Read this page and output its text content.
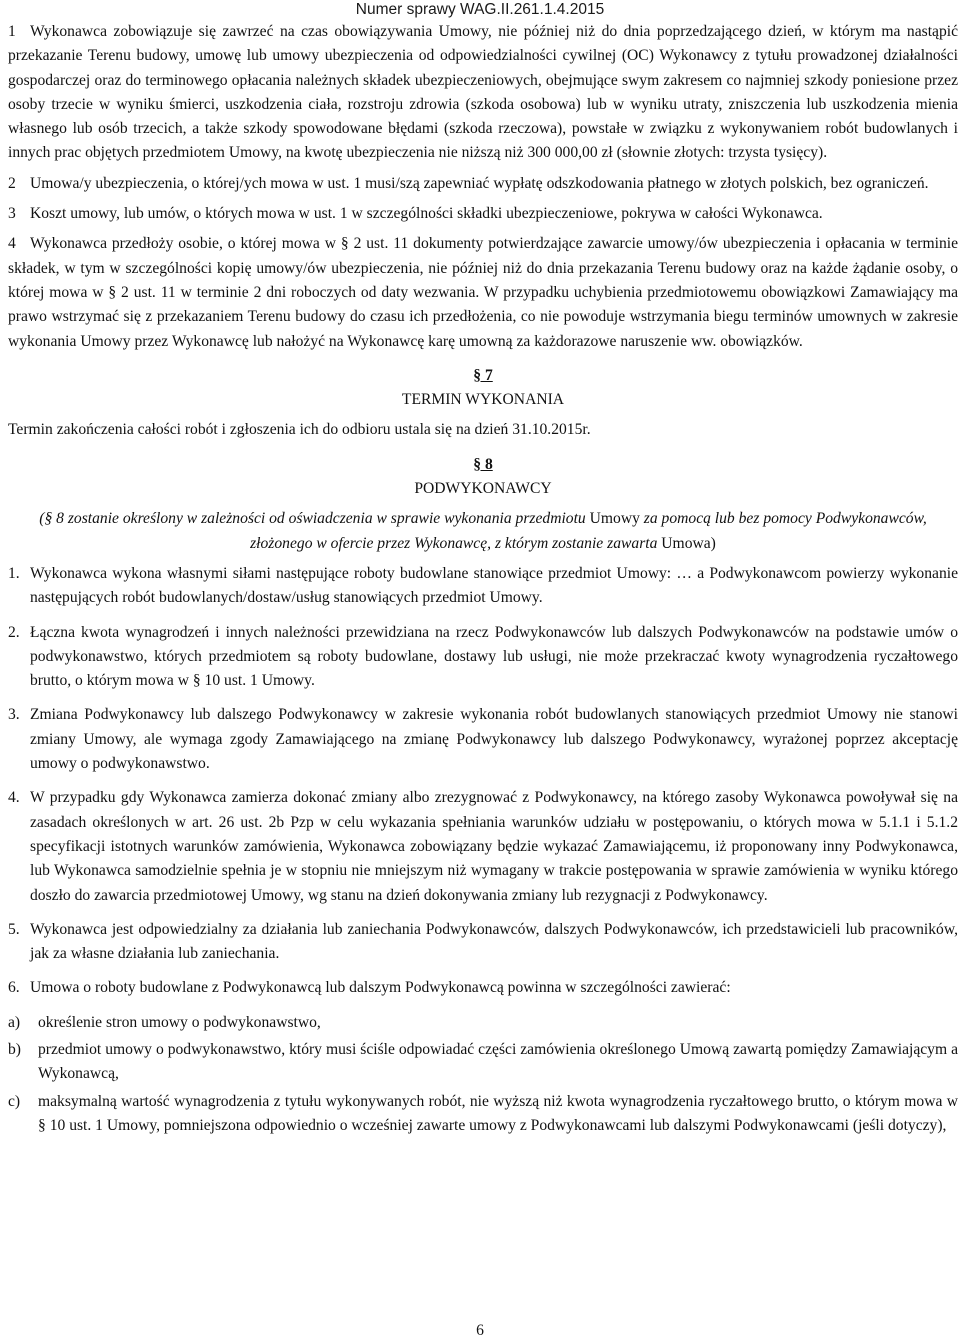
Numer sprawy WAG.II.261.1.4.2015

1 Wykonawca zobowiązuje się zawrzeć na czas obowiązywania Umowy, nie później niż do dnia poprzedzającego dzień, w którym ma nastąpić przekazanie Terenu budowy, umowę lub umowy ubezpieczenia od odpowiedzialności cywilnej (OC) Wykonawcy z tytułu prowadzonej działalności gospodarczej oraz do terminowego opłacania należnych składek ubezpieczeniowych, obejmujące swym zakresem co najmniej szkody poniesione przez osoby trzecie w wyniku śmierci, uszkodzenia ciała, rozstroju zdrowia (szkoda osobowa) lub w wyniku utraty, zniszczenia lub uszkodzenia mienia własnego lub osób trzecich, a także szkody spowodowane błędami (szkoda rzeczowa), powstałe w związku z wykonywaniem robót budowlanych i innych prac objętych przedmiotem Umowy, na kwotę ubezpieczenia nie niższą niż 300 000,00 zł (słownie złotych: trzysta tysięcy).

2 Umowa/y ubezpieczenia, o której/ych mowa w ust. 1 musi/szą zapewniać wypłatę odszkodowania płatnego w złotych polskich, bez ograniczeń.

3 Koszt umowy, lub umów, o których mowa w ust. 1 w szczególności składki ubezpieczeniowe, pokrywa w całości Wykonawca.

4 Wykonawca przedłoży osobie, o której mowa w § 2 ust. 11 dokumenty potwierdzające zawarcie umowy/ów ubezpieczenia i opłacania w terminie składek, w tym w szczególności kopię umowy/ów ubezpieczenia, nie później niż do dnia przekazania Terenu budowy oraz na każde żądanie osoby, o której mowa w § 2 ust. 11 w terminie 2 dni roboczych od daty wezwania. W przypadku uchybienia przedmiotowemu obowiązkowi Zamawiający ma prawo wstrzymać się z przekazaniem Terenu budowy do czasu ich przedłożenia, co nie powoduje wstrzymania biegu terminów umownych w zakresie wykonania Umowy przez Wykonawcę lub nałożyć na Wykonawcę karę umowną za każdorazowe naruszenie ww. obowiązków.

§ 7
TERMIN WYKONANIA

Termin zakończenia całości robót i zgłoszenia ich do odbioru ustala się na dzień 31.10.2015r.

§ 8
PODWYKONAWCY

(§ 8 zostanie określony w zależności od oświadczenia w sprawie wykonania przedmiotu Umowy za pomocą lub bez pomocy Podwykonawców, złożonego w ofercie przez Wykonawcę, z którym zostanie zawarta Umowa)

1. Wykonawca wykona własnymi siłami następujące roboty budowlane stanowiące przedmiot Umowy: … a Podwykonawcom powierzy wykonanie następujących robót budowlanych/dostaw/usług stanowiących przedmiot Umowy.
2. Łączna kwota wynagrodzeń i innych należności przewidziana na rzecz Podwykonawców lub dalszych Podwykonawców na podstawie umów o podwykonawstwo, których przedmiotem są roboty budowlane, dostawy lub usługi, nie może przekraczać kwoty wynagrodzenia ryczałtowego brutto, o którym mowa w § 10 ust. 1 Umowy.
3. Zmiana Podwykonawcy lub dalszego Podwykonawcy w zakresie wykonania robót budowlanych stanowiących przedmiot Umowy nie stanowi zmiany Umowy, ale wymaga zgody Zamawiającego na zmianę Podwykonawcy lub dalszego Podwykonawcy, wyrażonej poprzez akceptację umowy o podwykonawstwo.
4. W przypadku gdy Wykonawca zamierza dokonać zmiany albo zrezygnować z Podwykonawcy, na którego zasoby Wykonawca powoływał się na zasadach określonych w art. 26 ust. 2b Pzp w celu wykazania spełniania warunków udziału w postępowaniu, o których mowa w 5.1.1 i 5.1.2 specyfikacji istotnych warunków zamówienia, Wykonawca zobowiązany będzie wykazać Zamawiającemu, iż proponowany inny Podwykonawca, lub Wykonawca samodzielnie spełnia je w stopniu nie mniejszym niż wymagany w trakcie postępowania w sprawie zamówienia w wyniku którego doszło do zawarcia przedmiotowej Umowy, wg stanu na dzień dokonywania zmiany lub rezygnacji z Podwykonawcy.
5. Wykonawca jest odpowiedzialny za działania lub zaniechania Podwykonawców, dalszych Podwykonawców, ich przedstawicieli lub pracowników, jak za własne działania lub zaniechania.
6. Umowa o roboty budowlane z Podwykonawcą lub dalszym Podwykonawcą powinna w szczególności zawierać:
a)	określenie stron umowy o podwykonawstwo,
b)	przedmiot umowy o podwykonawstwo, który musi ściśle odpowiadać części zamówienia określonego Umową zawartą pomiędzy Zamawiającym a Wykonawcą,
c)	maksymalną wartość wynagrodzenia z tytułu wykonywanych robót, nie wyższą niż kwota wynagrodzenia ryczałtowego brutto, o którym mowa w § 10 ust. 1 Umowy, pomniejszona odpowiednio o wcześniej zawarte umowy z Podwykonawcami lub dalszymi Podwykonawcami (jeśli dotyczy),
6
